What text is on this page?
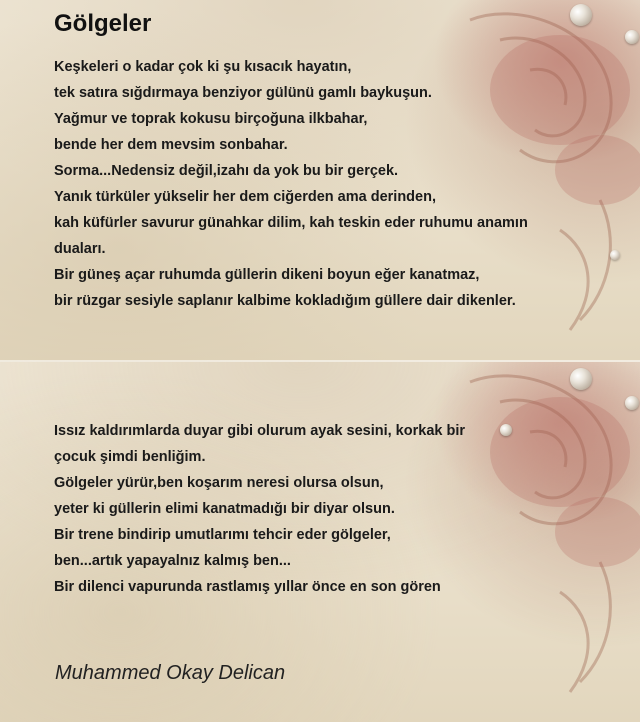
Gölgeler

Keşkeleri o kadar çok ki şu kısacık hayatın,
tek satıra sığdırmaya benziyor gülünü gamlı baykuşun.
Yağmur ve toprak kokusu birçoğuna ilkbahar,
bende her dem mevsim sonbahar.
Sorma...Nedensiz değil,izahı da yok bu bir gerçek.
Yanık türküler yükselir her dem ciğerden ama derinden,
kah küfürler savurur günahkar dilim, kah teskin eder ruhumu anamın
duaları.
Bir güneş açar ruhumda güllerin dikeni boyun eğer kanatmaz,
bir rüzgar sesiyle saplanır kalbime kokladığım güllere dair dikenler.

Issız kaldırımlarda duyar gibi olurum ayak sesini, korkak bir
çocuk şimdi benliğim.
Gölgeler yürür,ben koşarım neresi olursa olsun,
yeter ki güllerin elimi kanatmadığı bir diyar olsun.
Bir trene bindirip umutlarımı tehcir eder gölgeler,
ben...artık yapayalnız kalmış ben...
Bir dilenci vapurunda rastlamış yıllar önce en son gören

Muhammed Okay Delican
